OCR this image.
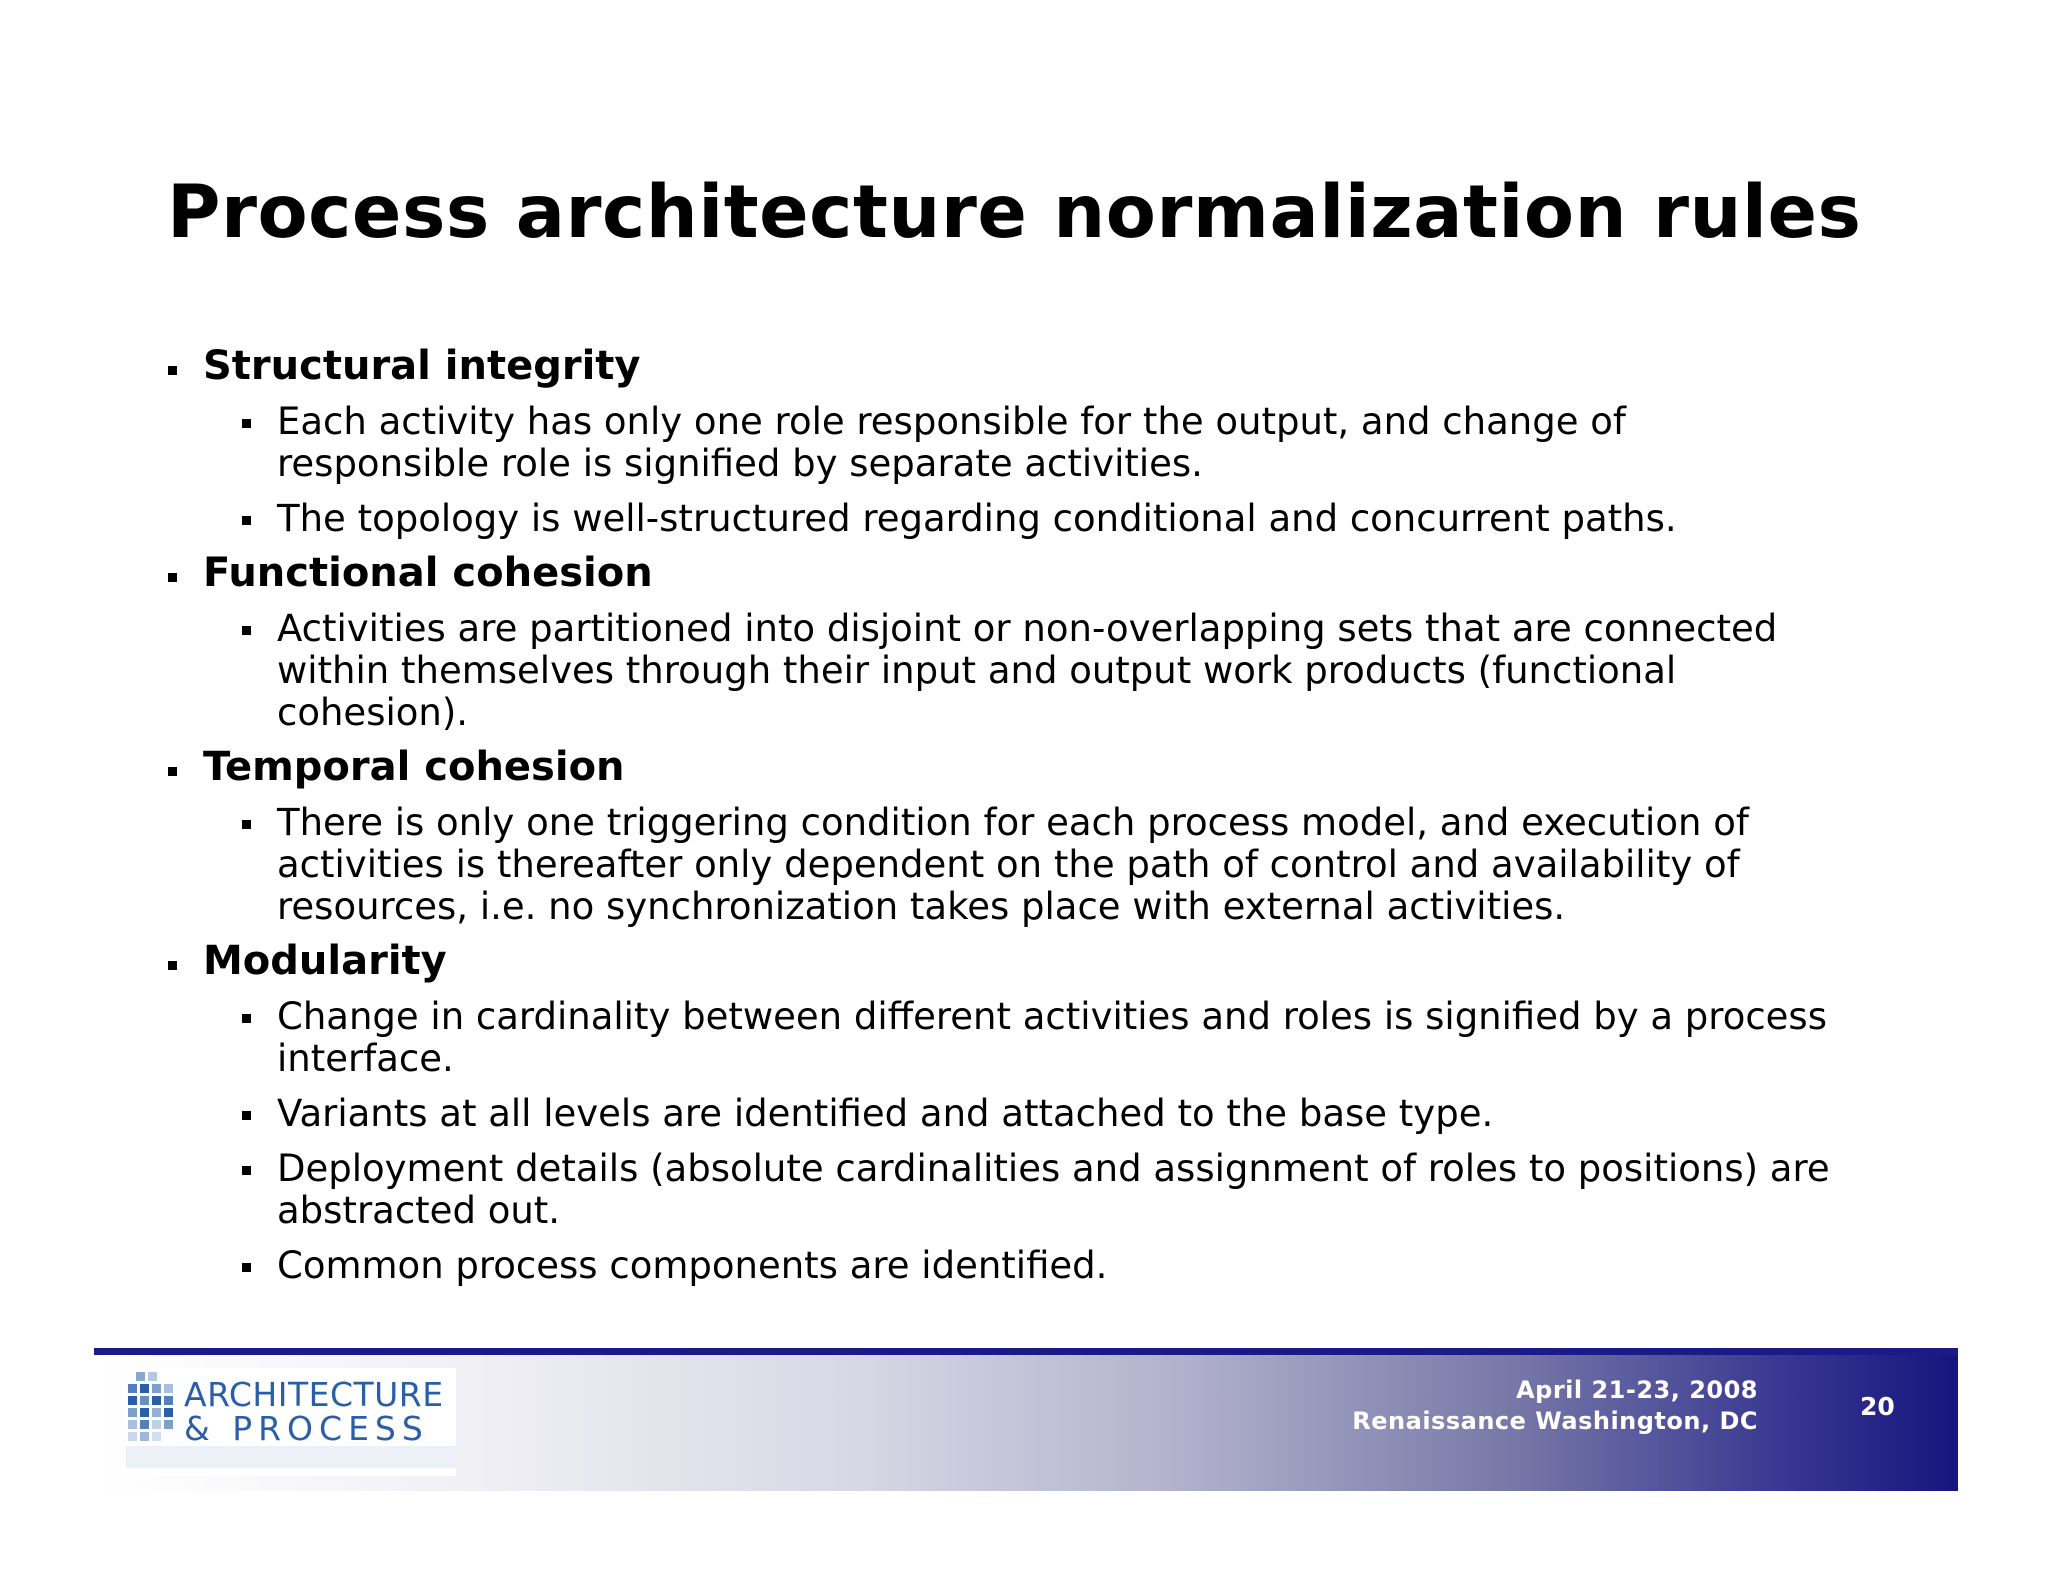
Process architecture normalization rules
Structural integrity
Each activity has only one role responsible for the output, and change of responsible role is signified by separate activities.
The topology is well-structured regarding conditional and concurrent paths.
Functional cohesion
Activities are partitioned into disjoint or non-overlapping sets that are connected within themselves through their input and output work products (functional cohesion).
Temporal cohesion
There is only one triggering condition for each process model, and execution of activities is thereafter only dependent on the path of control and availability of resources, i.e. no synchronization takes place with external activities.
Modularity
Change in cardinality between different activities and roles is signified by a process interface.
Variants at all levels are identified and attached to the base type.
Deployment details (absolute cardinalities and assignment of roles to positions) are abstracted out.
Common process components are identified.
ARCHITECTURE
& PROCESS
April 21-23, 2008
Renaissance Washington, DC	20
